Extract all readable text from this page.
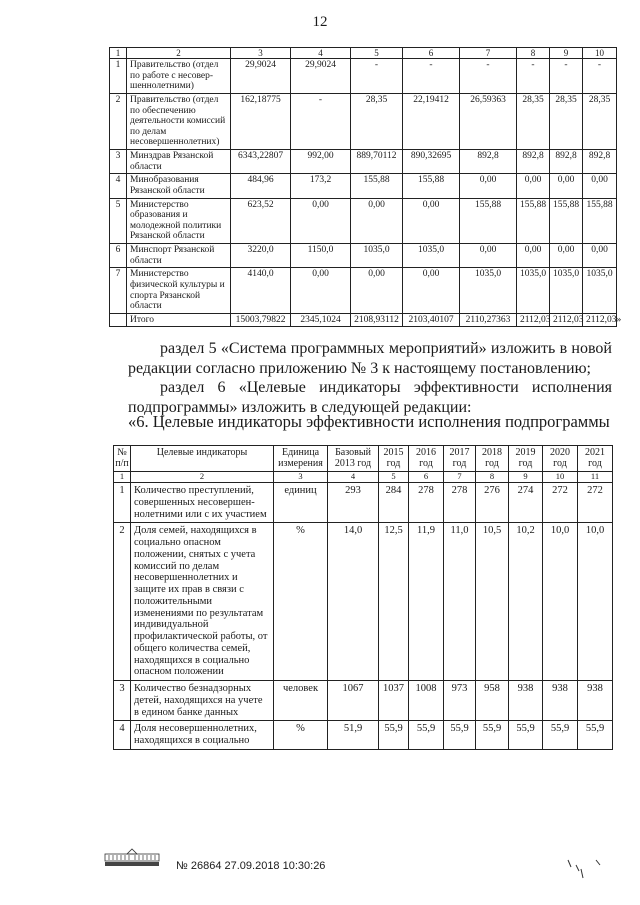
12
1	2	3	4	5	6	7	8	9	10
1	Правительство (отдел по работе с несовер-шеннолетними)	29,9024	29,9024	-	-	-	-	-	-
2	Правительство (отдел по обеспечению деятельности комиссий по делам несовершеннолетних)	162,18775	-	28,35	22,19412	26,59363	28,35	28,35	28,35
3	Минздрав Рязанской области	6343,22807	992,00	889,70112	890,32695	892,8	892,8	892,8	892,8
4	Минобразования Рязанской области	484,96	173,2	155,88	155,88	0,00	0,00	0,00	0,00
5	Министерство образования и молодежной политики Рязанской области	623,52	0,00	0,00	0,00	155,88	155,88	155,88	155,88
6	Минспорт Рязанской области	3220,0	1150,0	1035,0	1035,0	0,00	0,00	0,00	0,00
7	Министерство физической культуры и спорта Рязанской области	4140,0	0,00	0,00	0,00	1035,0	1035,0	1035,0	1035,0
	Итого	15003,79822	2345,1024	2108,93112	2103,40107	2110,27363	2112,03	2112,03	2112,03»
раздел 5 «Система программных мероприятий» изложить в новой редакции согласно приложению № 3 к настоящему постановлению;
раздел 6 «Целевые индикаторы эффективности исполнения подпрограммы» изложить в следующей редакции:
«6. Целевые индикаторы эффективности исполнения подпрограммы
№ п/п	Целевые индикаторы	Единица измерения	Базовый 2013 год	2015 год	2016 год	2017 год	2018 год	2019 год	2020 год	2021 год
1	2	3	4	5	6	7	8	9	10	11
1	Количество преступлений, совершенных несовершен-нолетними или с их участием	единиц	293	284	278	278	276	274	272	272
2	Доля семей, находящихся в социально опасном положении, снятых с учета комиссий по делам несовершеннолетних и защите их прав в связи с положительными изменениями по результатам индивидуальной профилактической работы, от общего количества семей, находящихся в социально опасном положении	%	14,0	12,5	11,9	11,0	10,5	10,2	10,0	10,0
3	Количество безнадзорных детей, находящихся на учете в едином банке данных	человек	1067	1037	1008	973	958	938	938	938
4	Доля несовершеннолетних, находящихся в социально	%	51,9	55,9	55,9	55,9	55,9	55,9	55,9	55,9
№ 26864 27.09.2018 10:30:26
